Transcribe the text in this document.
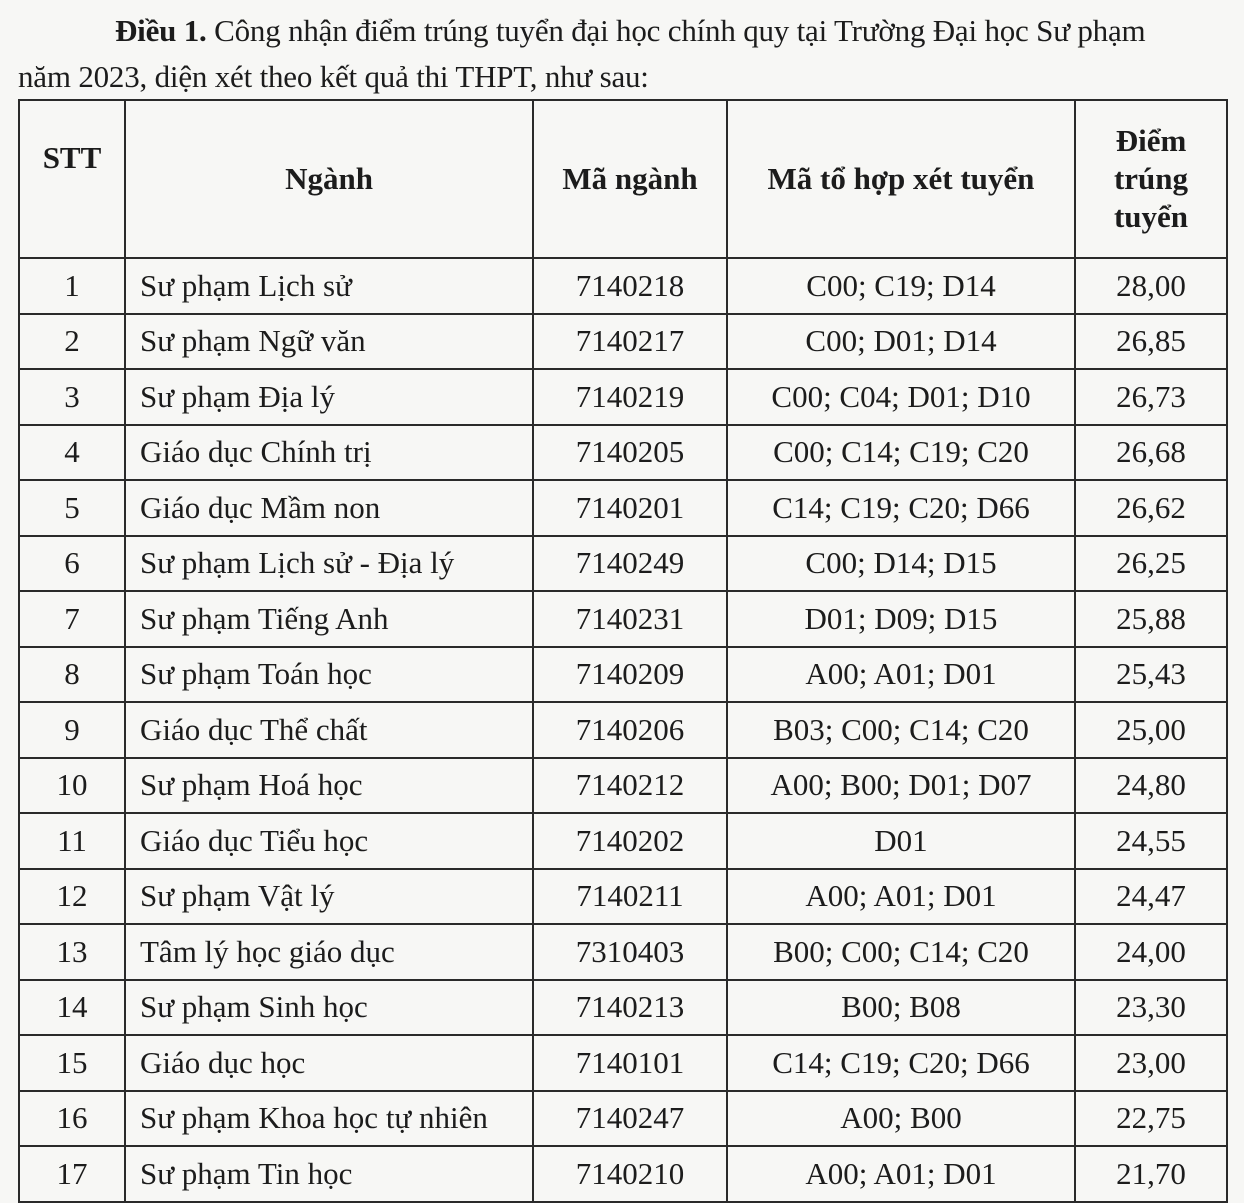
Điều 1. Công nhận điểm trúng tuyển đại học chính quy tại Trường Đại học Sư phạm
năm 2023, diện xét theo kết quả thi THPT, như sau:
STT	Ngành	Mã ngành	Mã tổ hợp xét tuyển	Điểm
trúng
tuyển
1	Sư phạm Lịch sử	7140218	C00; C19; D14	28,00
2	Sư phạm Ngữ văn	7140217	C00; D01; D14	26,85
3	Sư phạm Địa lý	7140219	C00; C04; D01; D10	26,73
4	Giáo dục Chính trị	7140205	C00; C14; C19; C20	26,68
5	Giáo dục Mầm non	7140201	C14; C19; C20; D66	26,62
6	Sư phạm Lịch sử - Địa lý	7140249	C00; D14; D15	26,25
7	Sư phạm Tiếng Anh	7140231	D01; D09; D15	25,88
8	Sư phạm Toán học	7140209	A00; A01; D01	25,43
9	Giáo dục Thể chất	7140206	B03; C00; C14; C20	25,00
10	Sư phạm Hoá học	7140212	A00; B00; D01; D07	24,80
11	Giáo dục Tiểu học	7140202	D01	24,55
12	Sư phạm Vật lý	7140211	A00; A01; D01	24,47
13	Tâm lý học giáo dục	7310403	B00; C00; C14; C20	24,00
14	Sư phạm Sinh học	7140213	B00; B08	23,30
15	Giáo dục học	7140101	C14; C19; C20; D66	23,00
16	Sư phạm Khoa học tự nhiên	7140247	A00; B00	22,75
17	Sư phạm Tin học	7140210	A00; A01; D01	21,70
